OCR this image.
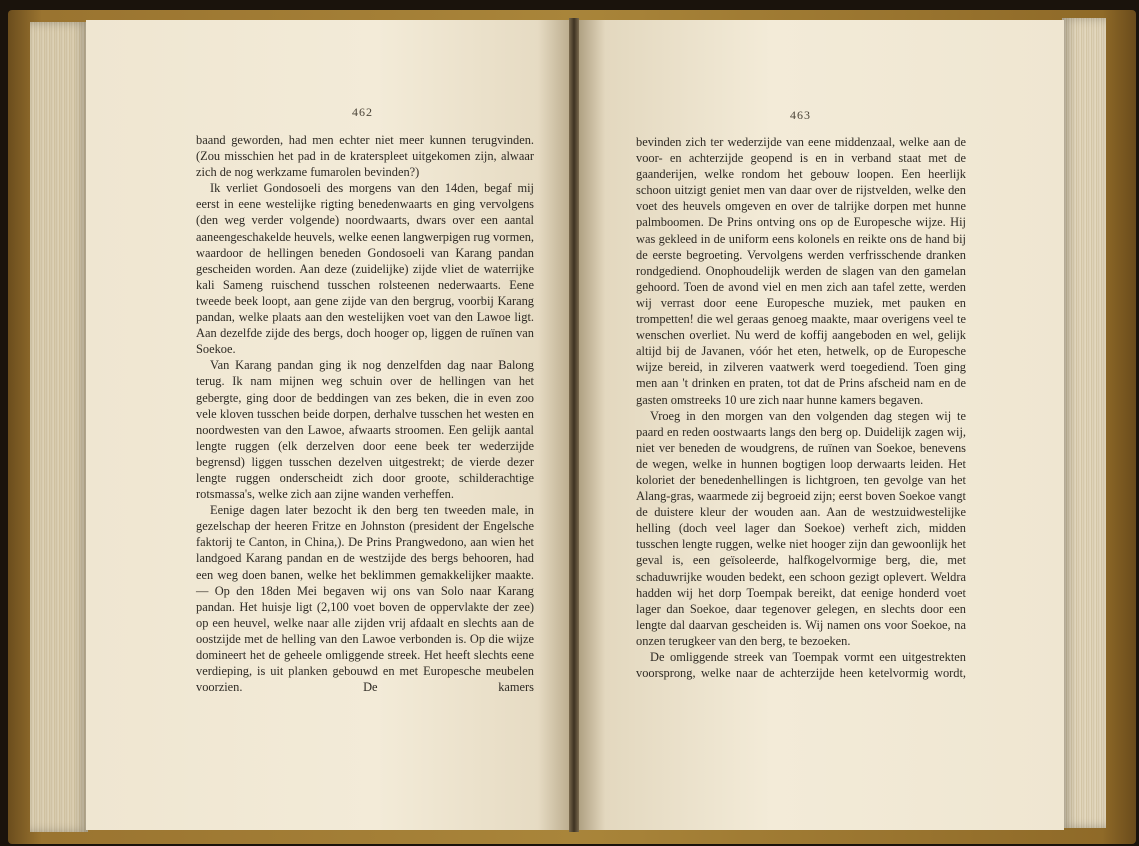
462

baand geworden, had men echter niet meer kunnen terugvinden. (Zou misschien het pad in de kraterspleet uitgekomen zijn, alwaar zich de nog werkzame fumarolen bevinden?)

Ik verliet Gondosoeli des morgens van den 14den, begaf mij eerst in eene westelijke rigting benedenwaarts en ging vervolgens (den weg verder volgende) noordwaarts, dwars over een aantal aaneengeschakelde heuvels, welke eenen langwerpigen rug vormen, waardoor de hellingen beneden Gondosoeli van Karang pandan gescheiden worden. Aan deze (zuidelijke) zijde vliet de waterrijke kali Sameng ruischend tusschen rolsteenen nederwaarts. Eene tweede beek loopt, aan gene zijde van den bergrug, voorbij Karang pandan, welke plaats aan den westelijken voet van den Lawoe ligt. Aan dezelfde zijde des bergs, doch hooger op, liggen de ruïnen van Soekoe.

Van Karang pandan ging ik nog denzelfden dag naar Balong terug. Ik nam mijnen weg schuin over de hellingen van het gebergte, ging door de beddingen van zes beken, die in even zoo vele kloven tusschen beide dorpen, derhalve tusschen het westen en noordwesten van den Lawoe, afwaarts stroomen. Een gelijk aantal lengte ruggen (elk derzelven door eene beek ter wederzijde begrensd) liggen tusschen dezelven uitgestrekt; de vierde dezer lengte ruggen onderscheidt zich door groote, schilderachtige rotsmassa's, welke zich aan zijne wanden verheffen.

Eenige dagen later bezocht ik den berg ten tweeden male, in gezelschap der heeren Fritze en Johnston (president der Engelsche faktorij te Canton, in China,). De Prins Prangwedono, aan wien het landgoed Karang pandan en de westzijde des bergs behooren, had een weg doen banen, welke het beklimmen gemakkelijker maakte. — Op den 18den Mei begaven wij ons van Solo naar Karang pandan. Het huisje ligt (2,100 voet boven de oppervlakte der zee) op een heuvel, welke naar alle zijden vrij afdaalt en slechts aan de oostzijde met de helling van den Lawoe verbonden is. Op die wijze domineert het de geheele omliggende streek. Het heeft slechts eene verdieping, is uit planken gebouwd en met Europesche meubelen voorzien. De kamers

463

bevinden zich ter wederzijde van eene middenzaal, welke aan de voor- en achterzijde geopend is en in verband staat met de gaanderijen, welke rondom het gebouw loopen. Een heerlijk schoon uitzigt geniet men van daar over de rijstvelden, welke den voet des heuvels omgeven en over de talrijke dorpen met hunne palmboomen. De Prins ontving ons op de Europesche wijze. Hij was gekleed in de uniform eens kolonels en reikte ons de hand bij de eerste begroeting. Vervolgens werden verfrisschende dranken rondgediend. Onophoudelijk werden de slagen van den gamelan gehoord. Toen de avond viel en men zich aan tafel zette, werden wij verrast door eene Europesche muziek, met pauken en trompetten! die wel geraas genoeg maakte, maar overigens veel te wenschen overliet. Nu werd de koffij aangeboden en wel, gelijk altijd bij de Javanen, vóór het eten, hetwelk, op de Europesche wijze bereid, in zilveren vaatwerk werd toegediend. Toen ging men aan 't drinken en praten, tot dat de Prins afscheid nam en de gasten omstreeks 10 ure zich naar hunne kamers begaven.

Vroeg in den morgen van den volgenden dag stegen wij te paard en reden oostwaarts langs den berg op. Duidelijk zagen wij, niet ver beneden de woudgrens, de ruïnen van Soekoe, benevens de wegen, welke in hunnen bogtigen loop derwaarts leiden. Het koloriet der benedenhellingen is lichtgroen, ten gevolge van het Alang-gras, waarmede zij begroeid zijn; eerst boven Soekoe vangt de duistere kleur der wouden aan. Aan de westzuidwestelijke helling (doch veel lager dan Soekoe) verheft zich, midden tusschen lengte ruggen, welke niet hooger zijn dan gewoonlijk het geval is, een geïsoleerde, halfkogelvormige berg, die, met schaduwrijke wouden bedekt, een schoon gezigt oplevert. Weldra hadden wij het dorp Toempak bereikt, dat eenige honderd voet lager dan Soekoe, daar tegenover gelegen, en slechts door een lengte dal daarvan gescheiden is. Wij namen ons voor Soekoe, na onzen terugkeer van den berg, te bezoeken.

De omliggende streek van Toempak vormt een uitgestrekten voorsprong, welke naar de achterzijde heen ketelvormig wordt,
